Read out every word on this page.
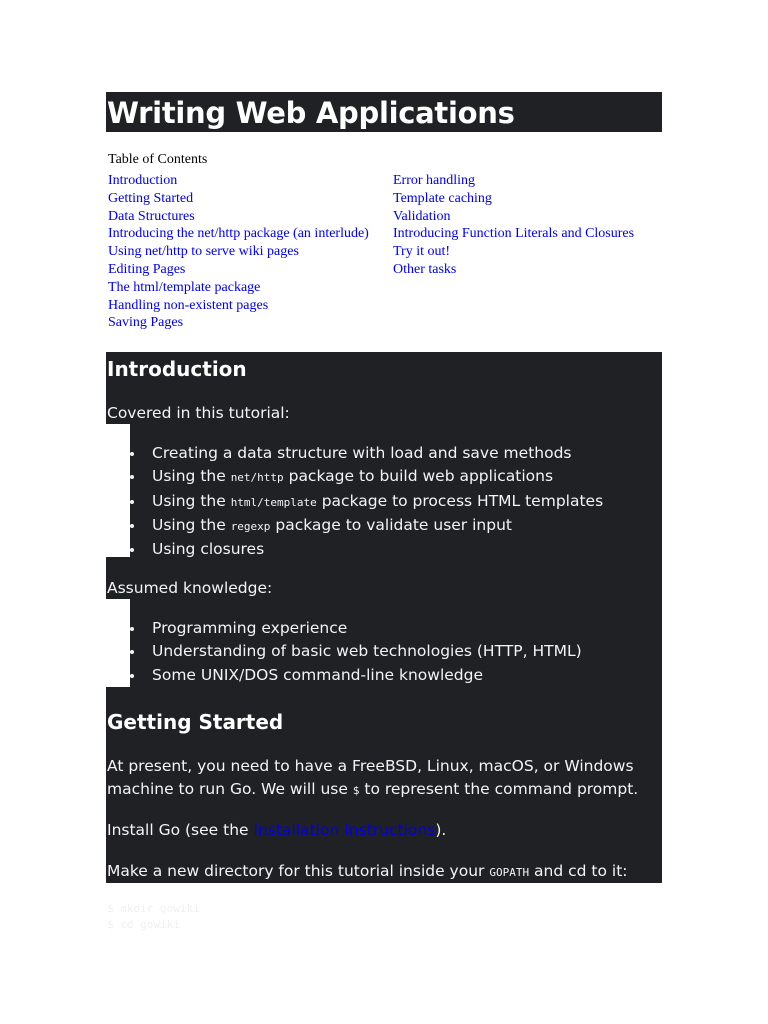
Writing Web Applications
Table of Contents
Introduction
Getting Started
Data Structures
Introducing the net/http package (an interlude)
Using net/http to serve wiki pages
Editing Pages
The html/template package
Handling non-existent pages
Saving Pages
Error handling
Template caching
Validation
Introducing Function Literals and Closures
Try it out!
Other tasks
Introduction

Covered in this tutorial:

Creating a data structure with load and save methods
Using the net/http package to build web applications
Using the html/template package to process HTML templates
Using the regexp package to validate user input
Using closures

Assumed knowledge:

Programming experience
Understanding of basic web technologies (HTTP, HTML)
Some UNIX/DOS command-line knowledge
Getting Started

At present, you need to have a FreeBSD, Linux, macOS, or Windows
machine to run Go. We will use $ to represent the command prompt.

Install Go (see the Installation Instructions).

Make a new directory for this tutorial inside your GOPATH and cd to it:

$ mkdir gowiki
$ cd gowiki
